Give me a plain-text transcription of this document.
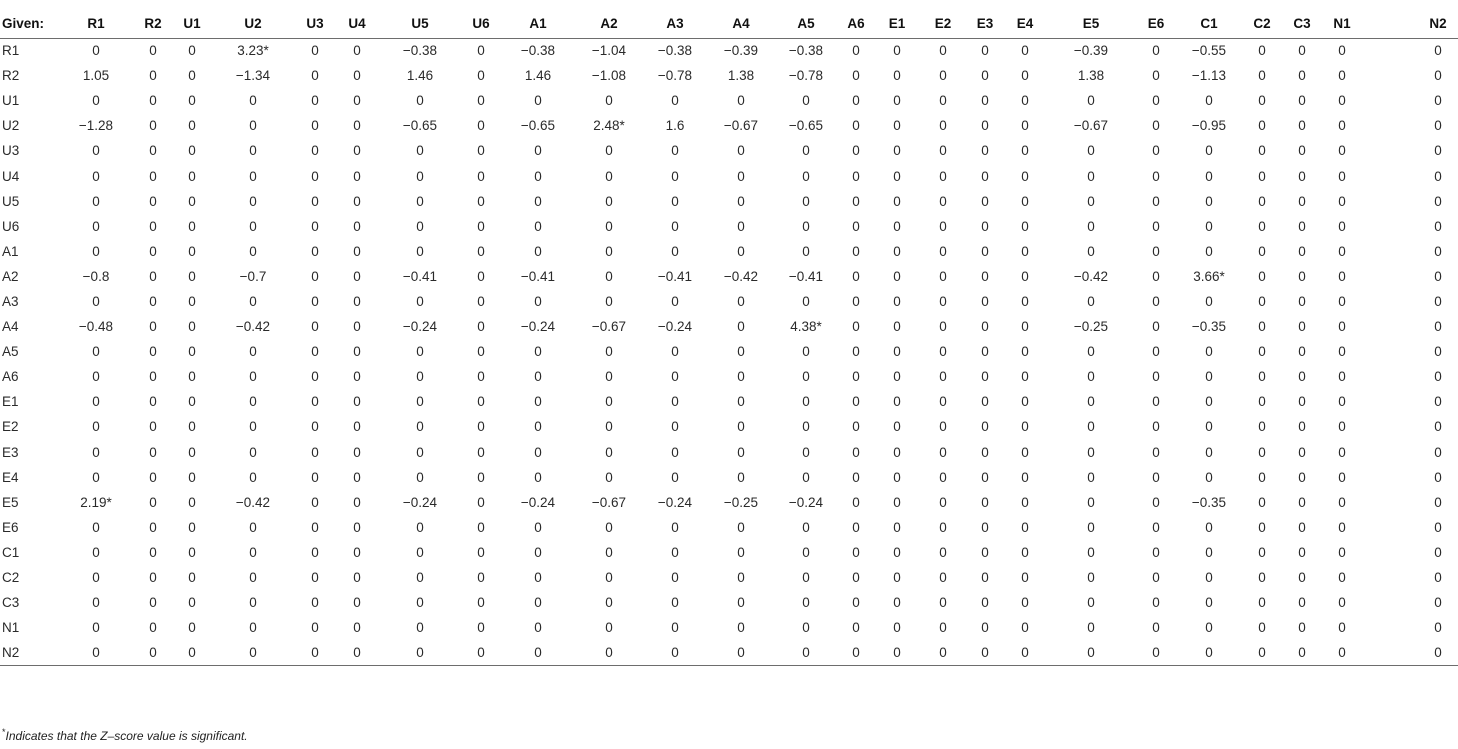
Given:	R1	R2	U1	U2	U3	U4	U5	U6	A1	A2	A3	A4	A5	A6	E1	E2	E3	E4	E5	E6	C1	C2	C3	N1	N2
R1	0	0	0	3.23*	0	0	−0.38	0	−0.38	−1.04	−0.38	−0.39	−0.38	0	0	0	0	0	−0.39	0	−0.55	0	0	0	0
R2	1.05	0	0	−1.34	0	0	1.46	0	1.46	−1.08	−0.78	1.38	−0.78	0	0	0	0	0	1.38	0	−1.13	0	0	0	0
U1	0	0	0	0	0	0	0	0	0	0	0	0	0	0	0	0	0	0	0	0	0	0	0	0	0
U2	−1.28	0	0	0	0	0	−0.65	0	−0.65	2.48*	1.6	−0.67	−0.65	0	0	0	0	0	−0.67	0	−0.95	0	0	0	0
U3	0	0	0	0	0	0	0	0	0	0	0	0	0	0	0	0	0	0	0	0	0	0	0	0	0
U4	0	0	0	0	0	0	0	0	0	0	0	0	0	0	0	0	0	0	0	0	0	0	0	0	0
U5	0	0	0	0	0	0	0	0	0	0	0	0	0	0	0	0	0	0	0	0	0	0	0	0	0
U6	0	0	0	0	0	0	0	0	0	0	0	0	0	0	0	0	0	0	0	0	0	0	0	0	0
A1	0	0	0	0	0	0	0	0	0	0	0	0	0	0	0	0	0	0	0	0	0	0	0	0	0
A2	−0.8	0	0	−0.7	0	0	−0.41	0	−0.41	0	−0.41	−0.42	−0.41	0	0	0	0	0	−0.42	0	3.66*	0	0	0	0
A3	0	0	0	0	0	0	0	0	0	0	0	0	0	0	0	0	0	0	0	0	0	0	0	0	0
A4	−0.48	0	0	−0.42	0	0	−0.24	0	−0.24	−0.67	−0.24	0	4.38*	0	0	0	0	0	−0.25	0	−0.35	0	0	0	0
A5	0	0	0	0	0	0	0	0	0	0	0	0	0	0	0	0	0	0	0	0	0	0	0	0	0
A6	0	0	0	0	0	0	0	0	0	0	0	0	0	0	0	0	0	0	0	0	0	0	0	0	0
E1	0	0	0	0	0	0	0	0	0	0	0	0	0	0	0	0	0	0	0	0	0	0	0	0	0
E2	0	0	0	0	0	0	0	0	0	0	0	0	0	0	0	0	0	0	0	0	0	0	0	0	0
E3	0	0	0	0	0	0	0	0	0	0	0	0	0	0	0	0	0	0	0	0	0	0	0	0	0
E4	0	0	0	0	0	0	0	0	0	0	0	0	0	0	0	0	0	0	0	0	0	0	0	0	0
E5	2.19*	0	0	−0.42	0	0	−0.24	0	−0.24	−0.67	−0.24	−0.25	−0.24	0	0	0	0	0	0	0	−0.35	0	0	0	0
E6	0	0	0	0	0	0	0	0	0	0	0	0	0	0	0	0	0	0	0	0	0	0	0	0	0
C1	0	0	0	0	0	0	0	0	0	0	0	0	0	0	0	0	0	0	0	0	0	0	0	0	0
C2	0	0	0	0	0	0	0	0	0	0	0	0	0	0	0	0	0	0	0	0	0	0	0	0	0
C3	0	0	0	0	0	0	0	0	0	0	0	0	0	0	0	0	0	0	0	0	0	0	0	0	0
N1	0	0	0	0	0	0	0	0	0	0	0	0	0	0	0	0	0	0	0	0	0	0	0	0	0
N2	0	0	0	0	0	0	0	0	0	0	0	0	0	0	0	0	0	0	0	0	0	0	0	0	0
*Indicates that the Z–score value is significant.
